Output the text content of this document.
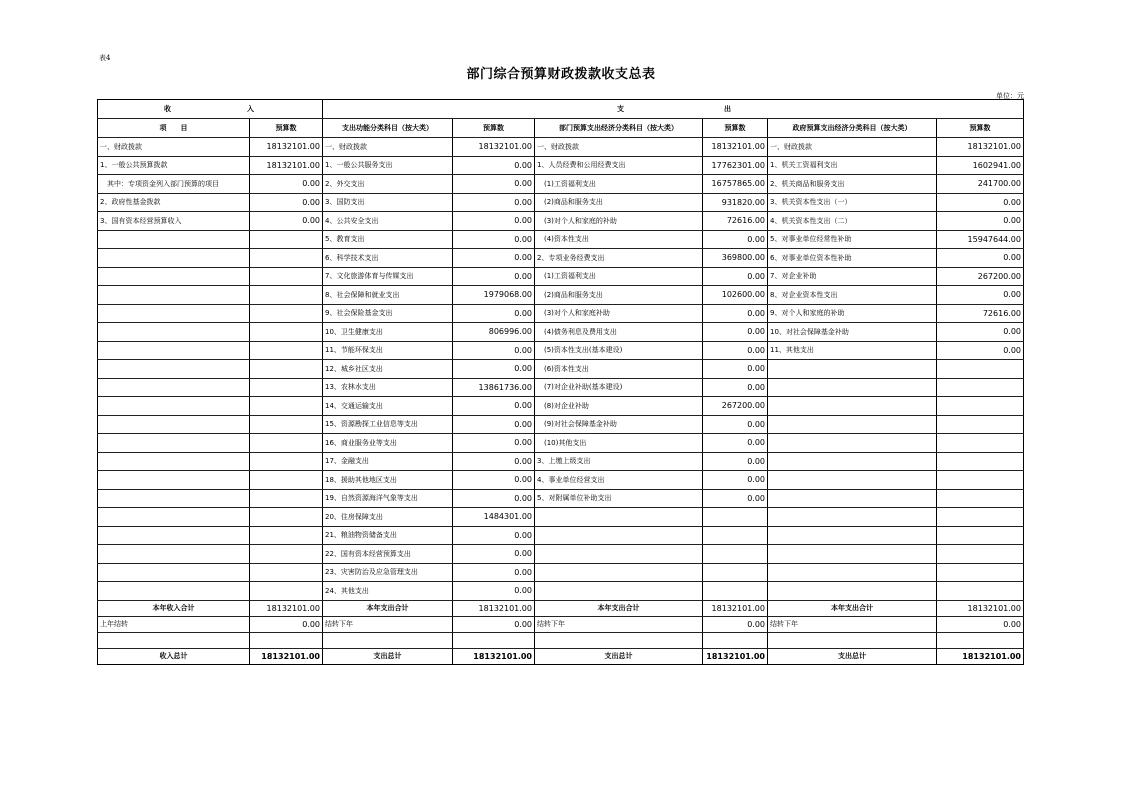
表4
部门综合预算财政拨款收支总表
单位：元
收 入		支 出					

项　　目	预算数	支出功能分类科目（按大类）	预算数	部门预算支出经济分类科目（按大类）	预算数	政府预算支出经济分类科目（按大类）	预算数
一、财政拨款	18132101.00	一、财政拨款	18132101.00	一、财政拨款	18132101.00	一、财政拨款	18132101.00
1、一般公共预算拨款	18132101.00	1、一般公共服务支出	0.00	1、人员经费和公用经费支出	17762301.00	1、机关工资福利支出	1602941.00
　其中：专项资金列入部门预算的项目	0.00	2、外交支出	0.00	　(1)工资福利支出	16757865.00	2、机关商品和服务支出	241700.00
2、政府性基金拨款	0.00	3、国防支出	0.00	　(2)商品和服务支出	931820.00	3、机关资本性支出（一）	0.00
3、国有资本经营预算收入	0.00	4、公共安全支出	0.00	　(3)对个人和家庭的补助	72616.00	4、机关资本性支出（二）	0.00
		5、教育支出	0.00	　(4)资本性支出	0.00	5、对事业单位经常性补助	15947644.00
		6、科学技术支出	0.00	2、专项业务经费支出	369800.00	6、对事业单位资本性补助	0.00
		7、文化旅游体育与传媒支出	0.00	　(1)工资福利支出	0.00	7、对企业补助	267200.00
		8、社会保障和就业支出	1979068.00	　(2)商品和服务支出	102600.00	8、对企业资本性支出	0.00
		9、社会保险基金支出	0.00	　(3)对个人和家庭补助	0.00	9、对个人和家庭的补助	72616.00
		10、卫生健康支出	806996.00	　(4)债务利息及费用支出	0.00	10、对社会保障基金补助	0.00
		11、节能环保支出	0.00	　(5)资本性支出(基本建设)	0.00	11、其他支出	0.00
		12、城乡社区支出	0.00	　(6)资本性支出	0.00		
		13、农林水支出	13861736.00	　(7)对企业补助(基本建设)	0.00		
		14、交通运输支出	0.00	　(8)对企业补助	267200.00		
		15、资源勘探工业信息等支出	0.00	　(9)对社会保障基金补助	0.00		
		16、商业服务业等支出	0.00	　(10)其他支出	0.00		
		17、金融支出	0.00	3、上缴上级支出	0.00		
		18、援助其他地区支出	0.00	4、事业单位经营支出	0.00		
		19、自然资源海洋气象等支出	0.00	5、对附属单位补助支出	0.00		
		20、住房保障支出	1484301.00				
		21、粮油物资储备支出	0.00				
		22、国有资本经营预算支出	0.00				
		23、灾害防治及应急管理支出	0.00				
		24、其他支出	0.00				
本年收入合计	18132101.00	本年支出合计	18132101.00	本年支出合计	18132101.00	本年支出合计	18132101.00
上年结转	0.00	结转下年	0.00	结转下年	0.00	结转下年	0.00

收入总计	18132101.00	支出总计	18132101.00	支出总计	18132101.00	支出总计	18132101.00
